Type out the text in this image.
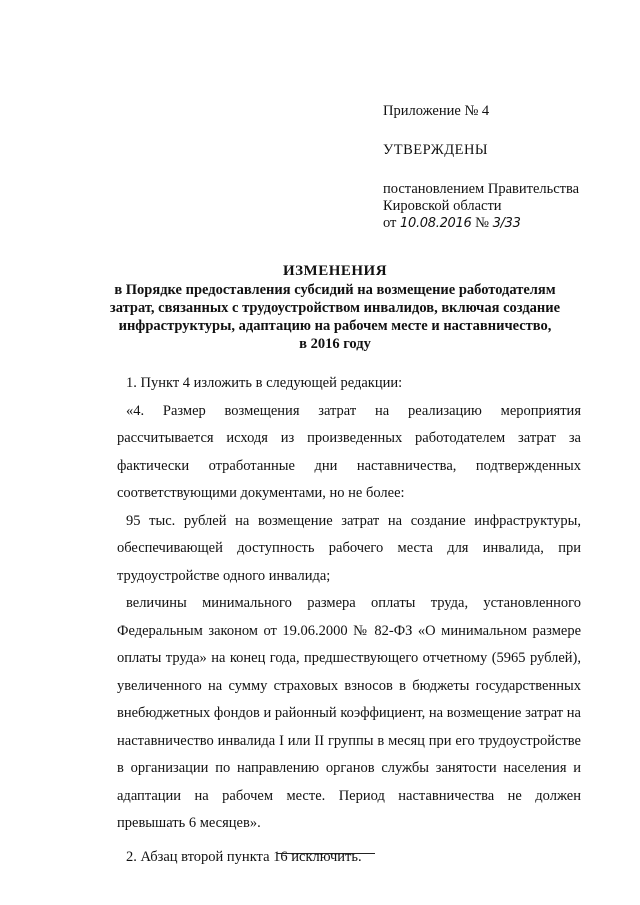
Приложение № 4
УТВЕРЖДЕНЫ
постановлением Правительства
Кировской области
от 10.08.2016 № 3/33
ИЗМЕНЕНИЯ
в Порядке предоставления субсидий на возмещение работодателям
затрат, связанных с трудоустройством инвалидов, включая создание
инфраструктуры, адаптацию на рабочем месте и наставничество,
в 2016 году

1. Пункт 4 изложить в следующей редакции:

«4. Размер возмещения затрат на реализацию мероприятия рассчитывается исходя из произведенных работодателем затрат за фактически отработанные дни наставничества, подтвержденных соответствующими документами, но не более:

95 тыс. рублей на возмещение затрат на создание инфраструктуры, обеспечивающей доступность рабочего места для инвалида, при трудоустройстве одного инвалида;

величины минимального размера оплаты труда, установленного Федеральным законом от 19.06.2000 № 82-ФЗ «О минимальном размере оплаты труда» на конец года, предшествующего отчетному (5965 рублей), увеличенного на сумму страховых взносов в бюджеты государственных внебюджетных фондов и районный коэффициент, на возмещение затрат на наставничество инвалида I или II группы в месяц при его трудоустройстве в организации по направлению органов службы занятости населения и адаптации на рабочем месте. Период наставничества не должен превышать 6 месяцев».

2. Абзац второй пункта 16 исключить.
